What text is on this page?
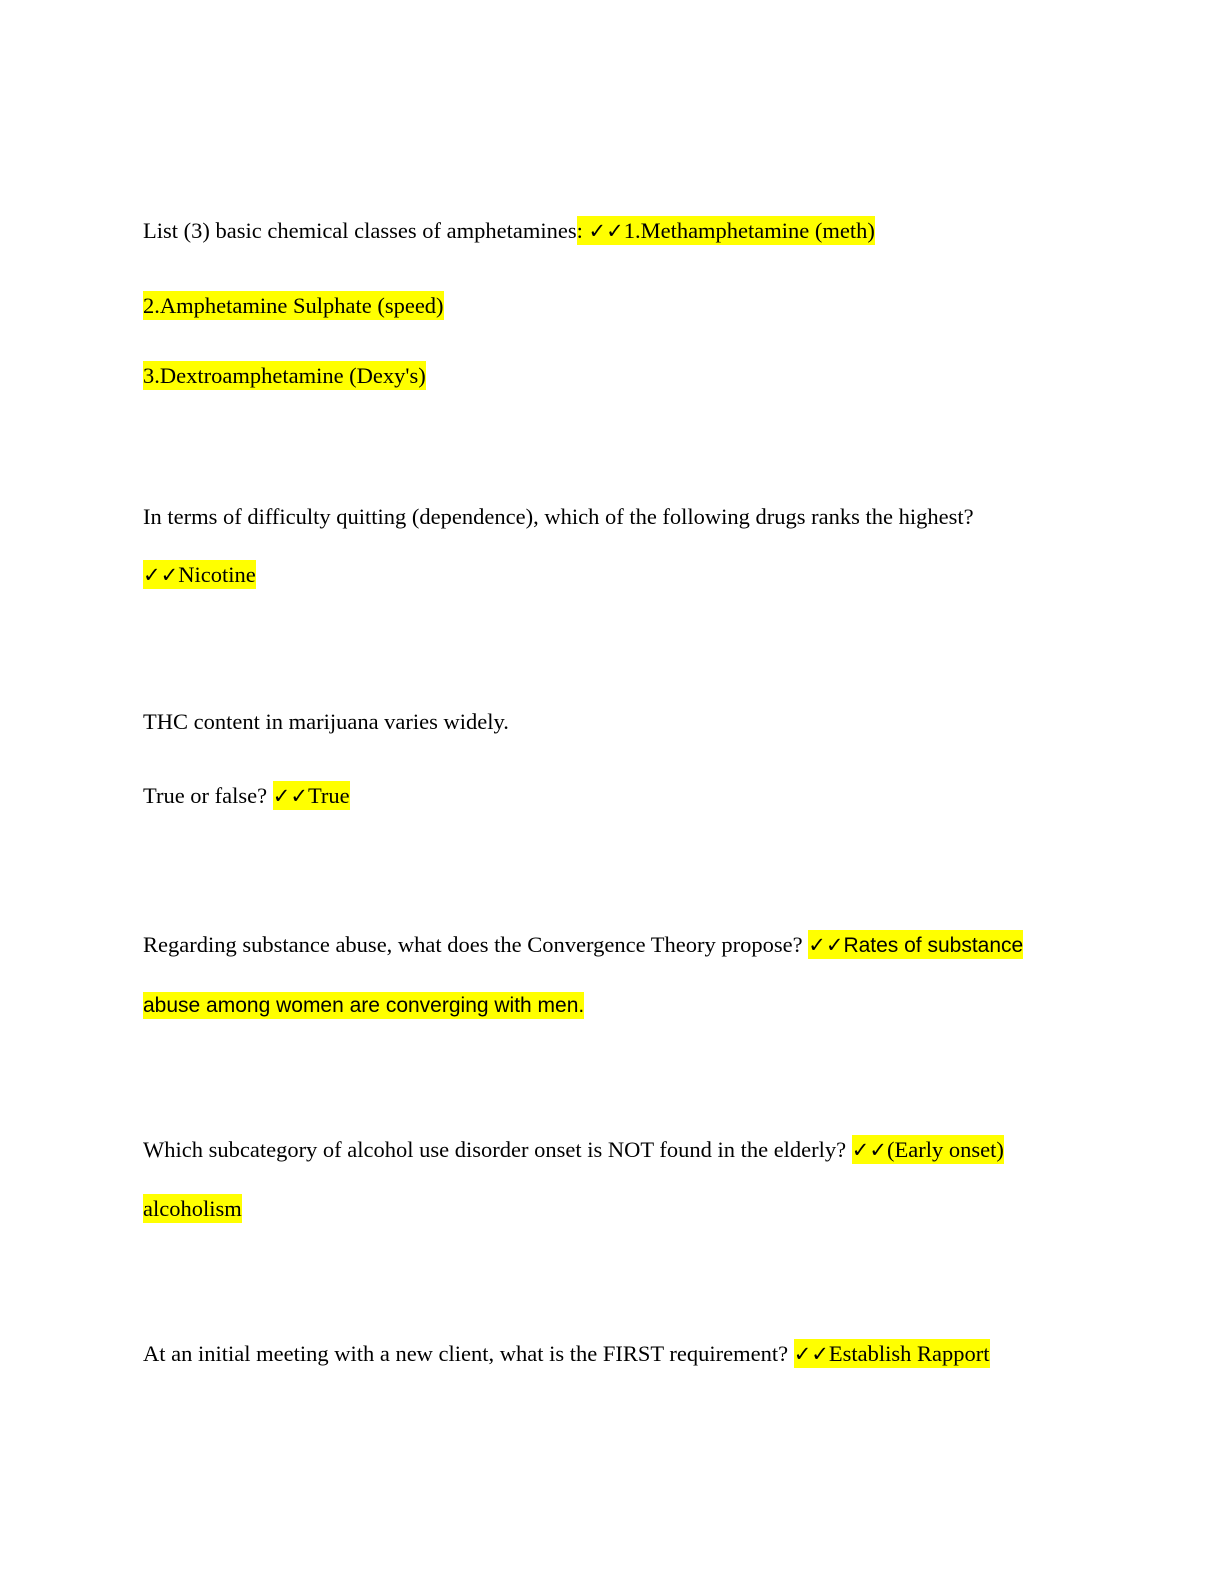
List (3) basic chemical classes of amphetamines: ✓✓1.Methamphetamine (meth)
2.Amphetamine Sulphate (speed)
3.Dextroamphetamine (Dexy's)
In terms of difficulty quitting (dependence), which of the following drugs ranks the highest?
✓✓Nicotine
THC content in marijuana varies widely.
True or false? ✓✓True
Regarding substance abuse, what does the Convergence Theory propose? ✓✓Rates of substance
abuse among women are converging with men.
Which subcategory of alcohol use disorder onset is NOT found in the elderly? ✓✓(Early onset)
alcoholism
At an initial meeting with a new client, what is the FIRST requirement? ✓✓Establish Rapport
